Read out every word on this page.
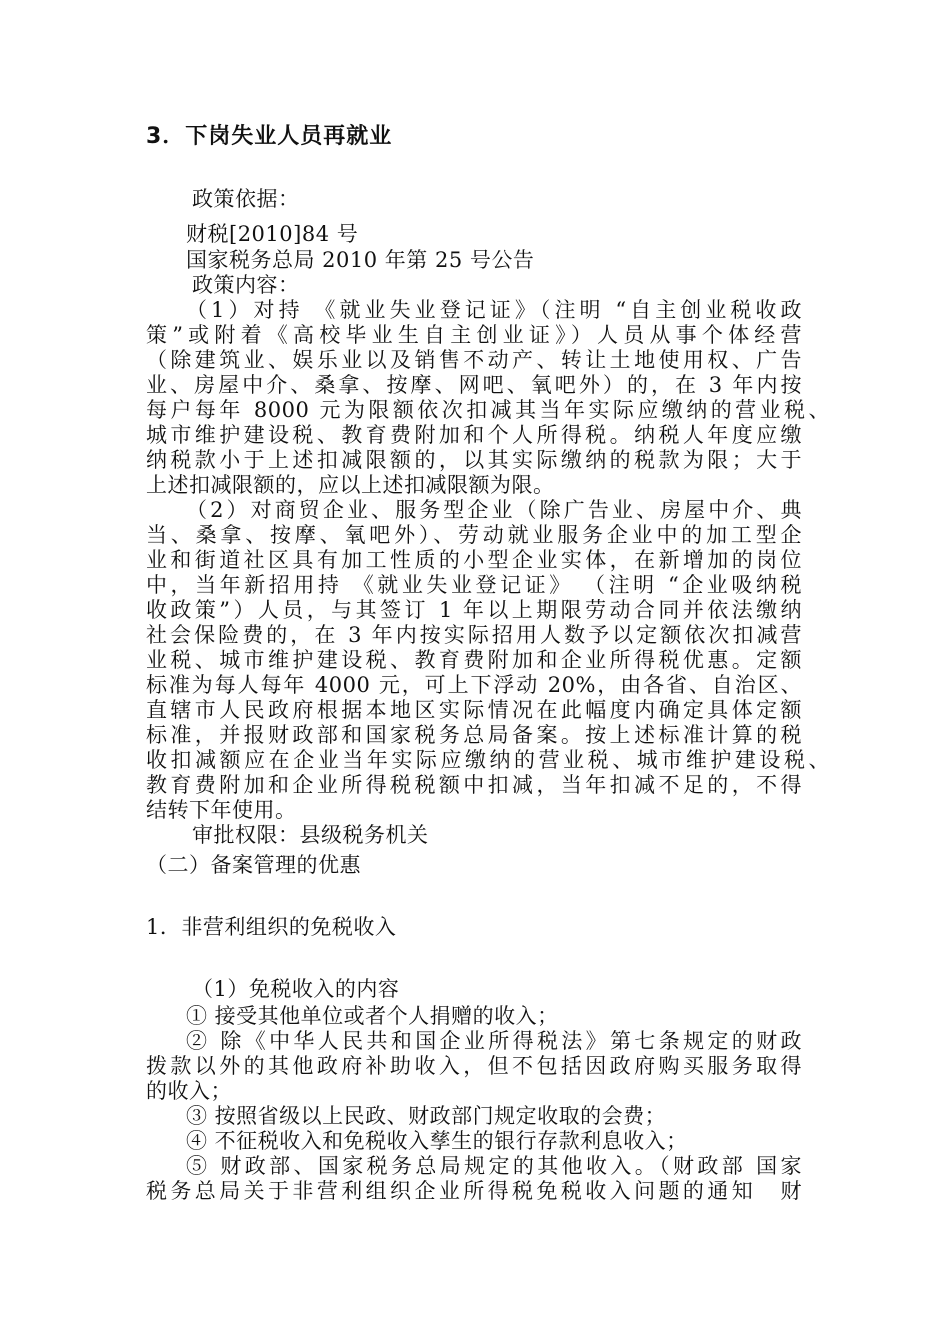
3．下岗失业人员再就业
政策依据：
财税[2010]84 号
国家税务总局 2010 年第 25 号公告
政策内容：
（1）对持 《就业失业登记证》（注明 “自主创业税收政
策”或附着《高校毕业生自主创业证》）人员从事个体经营
（除建筑业、娱乐业以及销售不动产、转让土地使用权、广告
业、房屋中介、桑拿、按摩、网吧、氧吧外）的，在 3 年内按
每户每年 8000 元为限额依次扣减其当年实际应缴纳的营业税、
城市维护建设税、教育费附加和个人所得税。纳税人年度应缴
纳税款小于上述扣减限额的，以其实际缴纳的税款为限；大于
上述扣减限额的，应以上述扣减限额为限。
（2）对商贸企业、服务型企业（除广告业、房屋中介、典
当、桑拿、按摩、氧吧外）、劳动就业服务企业中的加工型企
业和街道社区具有加工性质的小型企业实体，在新增加的岗位
中，当年新招用持 《就业失业登记证》 （注明 “企业吸纳税
收政策”）人员，与其签订 1 年以上期限劳动合同并依法缴纳
社会保险费的，在 3 年内按实际招用人数予以定额依次扣减营
业税、城市维护建设税、教育费附加和企业所得税优惠。定额
标准为每人每年 4000 元，可上下浮动 20%，由各省、自治区、
直辖市人民政府根据本地区实际情况在此幅度内确定具体定额
标准，并报财政部和国家税务总局备案。按上述标准计算的税
收扣减额应在企业当年实际应缴纳的营业税、城市维护建设税、
教育费附加和企业所得税税额中扣减，当年扣减不足的，不得
结转下年使用。
审批权限：县级税务机关
（二）备案管理的优惠
1．非营利组织的免税收入
（1）免税收入的内容
① 接受其他单位或者个人捐赠的收入；
② 除《中华人民共和国企业所得税法》第七条规定的财政
拨款以外的其他政府补助收入，但不包括因政府购买服务取得
的收入；
③ 按照省级以上民政、财政部门规定收取的会费；
④ 不征税收入和免税收入孳生的银行存款利息收入；
⑤ 财政部、国家税务总局规定的其他收入。（财政部 国家
税务总局关于非营利组织企业所得税免税收入问题的通知　财
